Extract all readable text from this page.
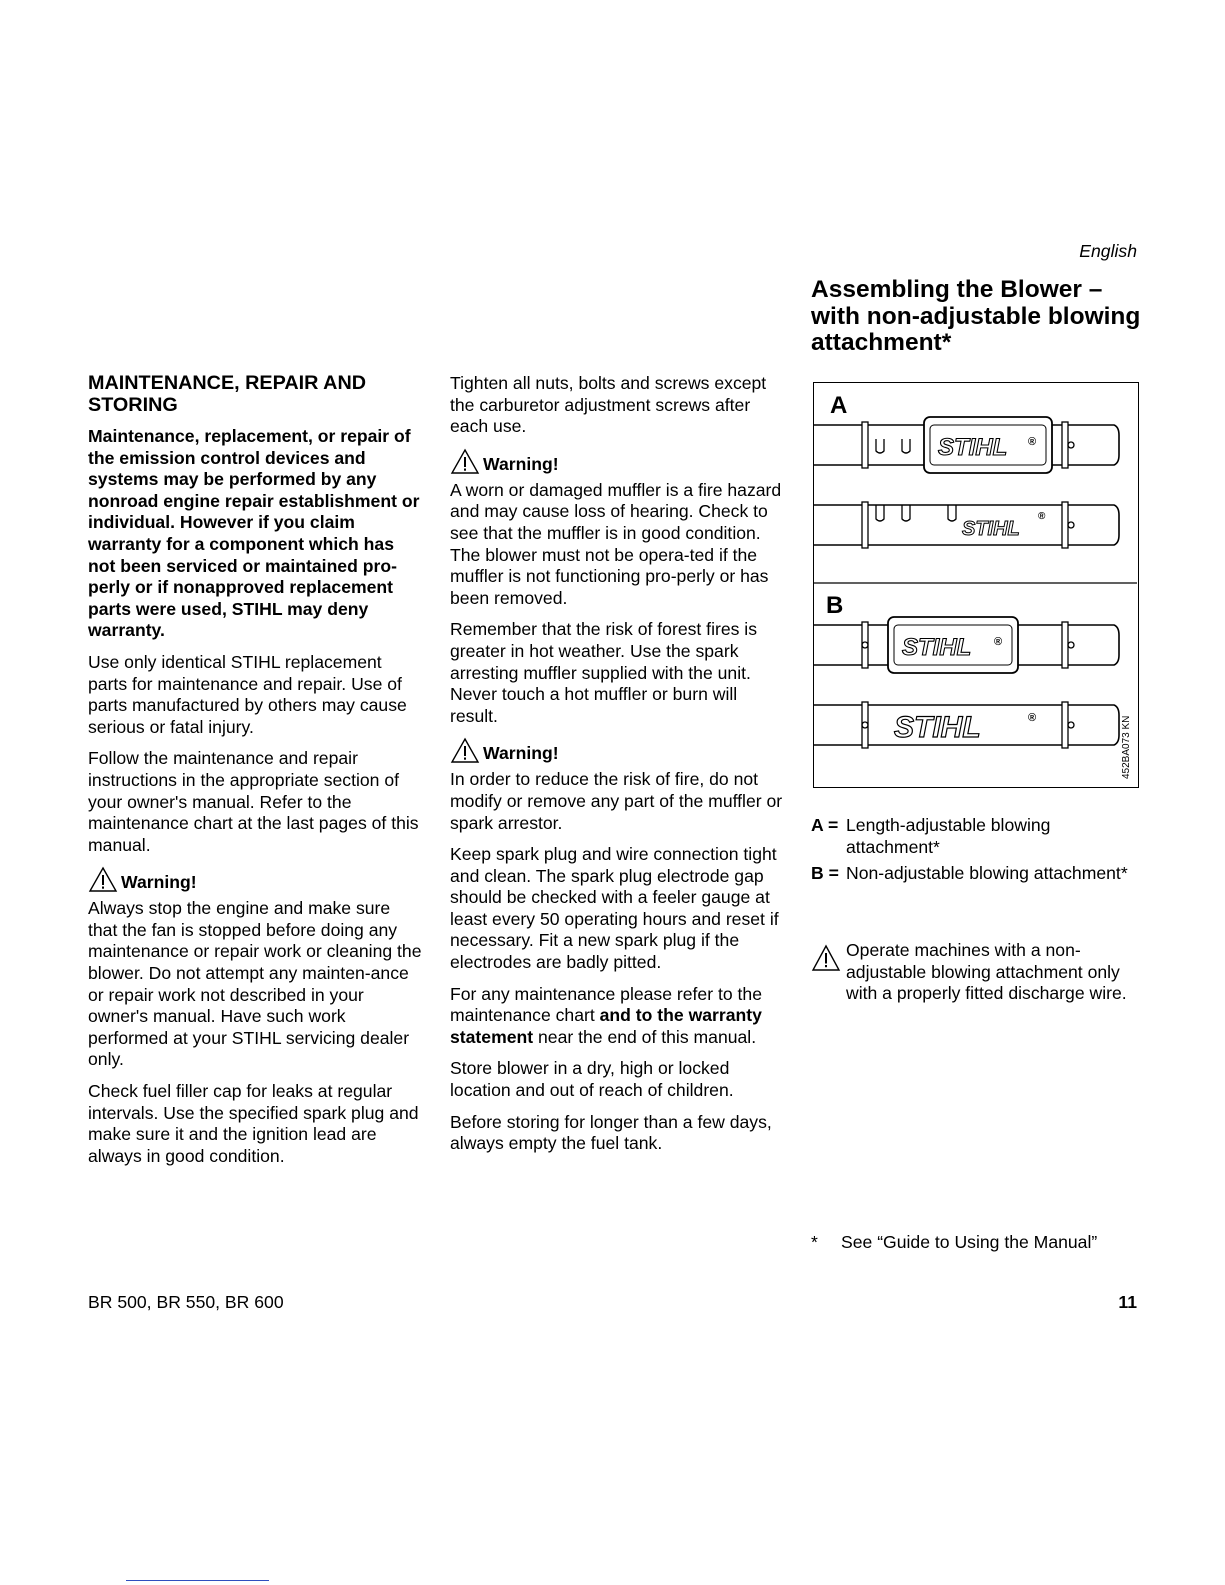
English
MAINTENANCE, REPAIR AND STORING

Maintenance, replacement, or repair of the emission control devices and systems may be performed by any nonroad engine repair establishment or individual. However if you claim warranty for a component which has not been serviced or maintained pro-perly or if nonapproved replacement parts were used, STIHL may deny warranty.

Use only identical STIHL replacement parts for maintenance and repair. Use of parts manufactured by others may cause serious or fatal injury.

Follow the maintenance and repair instructions in the appropriate section of your owner's manual. Refer to the maintenance chart at the last pages of this manual.

Warning!

Always stop the engine and make sure that the fan is stopped before doing any maintenance or repair work or cleaning the blower. Do not attempt any mainten-ance or repair work not described in your owner's manual. Have such work performed at your STIHL servicing dealer only.

Check fuel filler cap for leaks at regular intervals. Use the specified spark plug and make sure it and the ignition lead are always in good condition.

Tighten all nuts, bolts and screws except the carburetor adjustment screws after each use.

Warning!

A worn or damaged muffler is a fire hazard and may cause loss of hearing. Check to see that the muffler is in good condition. The blower must not be opera-ted if the muffler is not functioning pro-perly or has been removed.

Remember that the risk of forest fires is greater in hot weather. Use the spark arresting muffler supplied with the unit. Never touch a hot muffler or burn will result.

Warning!

In order to reduce the risk of fire, do not modify or remove any part of the muffler or spark arrestor.

Keep spark plug and wire connection tight and clean. The spark plug electrode gap should be checked with a feeler gauge at least every 50 operating hours and reset if necessary. Fit a new spark plug if the electrodes are badly pitted.

For any maintenance please refer to the maintenance chart and to the warranty statement near the end of this manual.

Store blower in a dry, high or locked location and out of reach of children.

Before storing for longer than a few days, always empty the fuel tank.

Assembling the Blower – with non-adjustable blowing attachment*
A
STIHL ®
STIHL
®
B
STIHL ®
STIHL	®	452BA073 KN
A = Length-adjustable blowing attachment*
B = Non-adjustable blowing attachment*

Operate machines with a non-adjustable blowing attachment only with a properly fitted discharge wire.

*	See “Guide to Using the Manual”
BR 500, BR 550, BR 600	11
